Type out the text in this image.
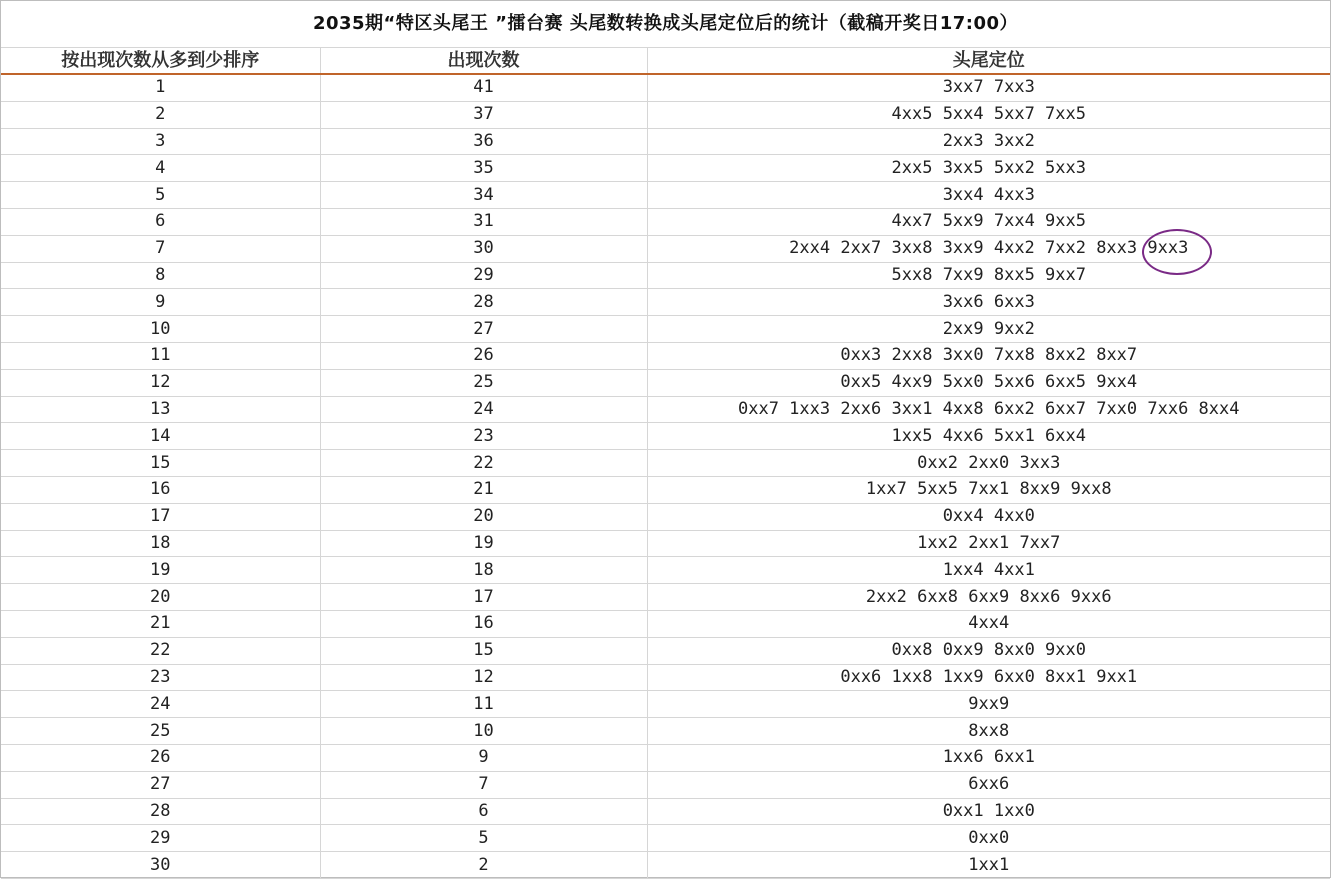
2035期“特区头尾王 ”擂台赛 头尾数转换成头尾定位后的统计（截稿开奖日17:00）
按出现次数从多到少排序	出现次数	头尾定位
1	41	3xx7 7xx3
2	37	4xx5 5xx4 5xx7 7xx5
3	36	2xx3 3xx2
4	35	2xx5 3xx5 5xx2 5xx3
5	34	3xx4 4xx3
6	31	4xx7 5xx9 7xx4 9xx5
7	30	2xx4 2xx7 3xx8 3xx9 4xx2 7xx2 8xx3 9xx3
8	29	5xx8 7xx9 8xx5 9xx7
9	28	3xx6 6xx3
10	27	2xx9 9xx2
11	26	0xx3 2xx8 3xx0 7xx8 8xx2 8xx7
12	25	0xx5 4xx9 5xx0 5xx6 6xx5 9xx4
13	24	0xx7 1xx3 2xx6 3xx1 4xx8 6xx2 6xx7 7xx0 7xx6 8xx4
14	23	1xx5 4xx6 5xx1 6xx4
15	22	0xx2 2xx0 3xx3
16	21	1xx7 5xx5 7xx1 8xx9 9xx8
17	20	0xx4 4xx0
18	19	1xx2 2xx1 7xx7
19	18	1xx4 4xx1
20	17	2xx2 6xx8 6xx9 8xx6 9xx6
21	16	4xx4
22	15	0xx8 0xx9 8xx0 9xx0
23	12	0xx6 1xx8 1xx9 6xx0 8xx1 9xx1
24	11	9xx9
25	10	8xx8
26	9	1xx6 6xx1
27	7	6xx6
28	6	0xx1 1xx0
29	5	0xx0
30	2	1xx1
